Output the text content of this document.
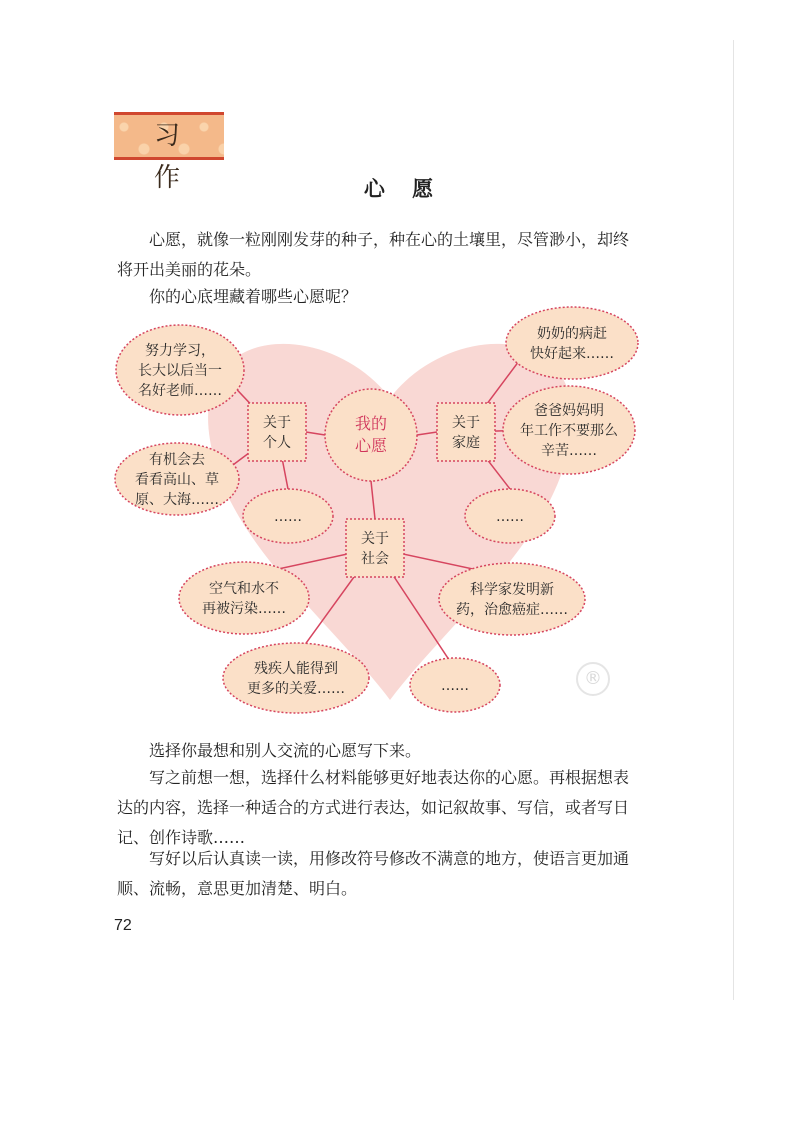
习 作	心 愿

心愿，就像一粒刚刚发芽的种子，种在心的土壤里，尽管渺小，却终将开出美丽的花朵。

你的心底埋藏着哪些心愿呢？

®
我的
心愿
关于
个人
关于
家庭
关于
社会
努力学习，
长大以后当一
名好老师……
有机会去
看看高山、草
原、大海……
……
奶奶的病赶
快好起来……
爸爸妈妈明
年工作不要那么
辛苦……
……
空气和水不
再被污染……
科学家发明新
药，治愈癌症……
残疾人能得到
更多的关爱……	……

选择你最想和别人交流的心愿写下来。

写之前想一想，选择什么材料能够更好地表达你的心愿。再根据想表达的内容，选择一种适合的方式进行表达，如记叙故事、写信，或者写日记、创作诗歌……

写好以后认真读一读，用修改符号修改不满意的地方，使语言更加通顺、流畅，意思更加清楚、明白。

72
